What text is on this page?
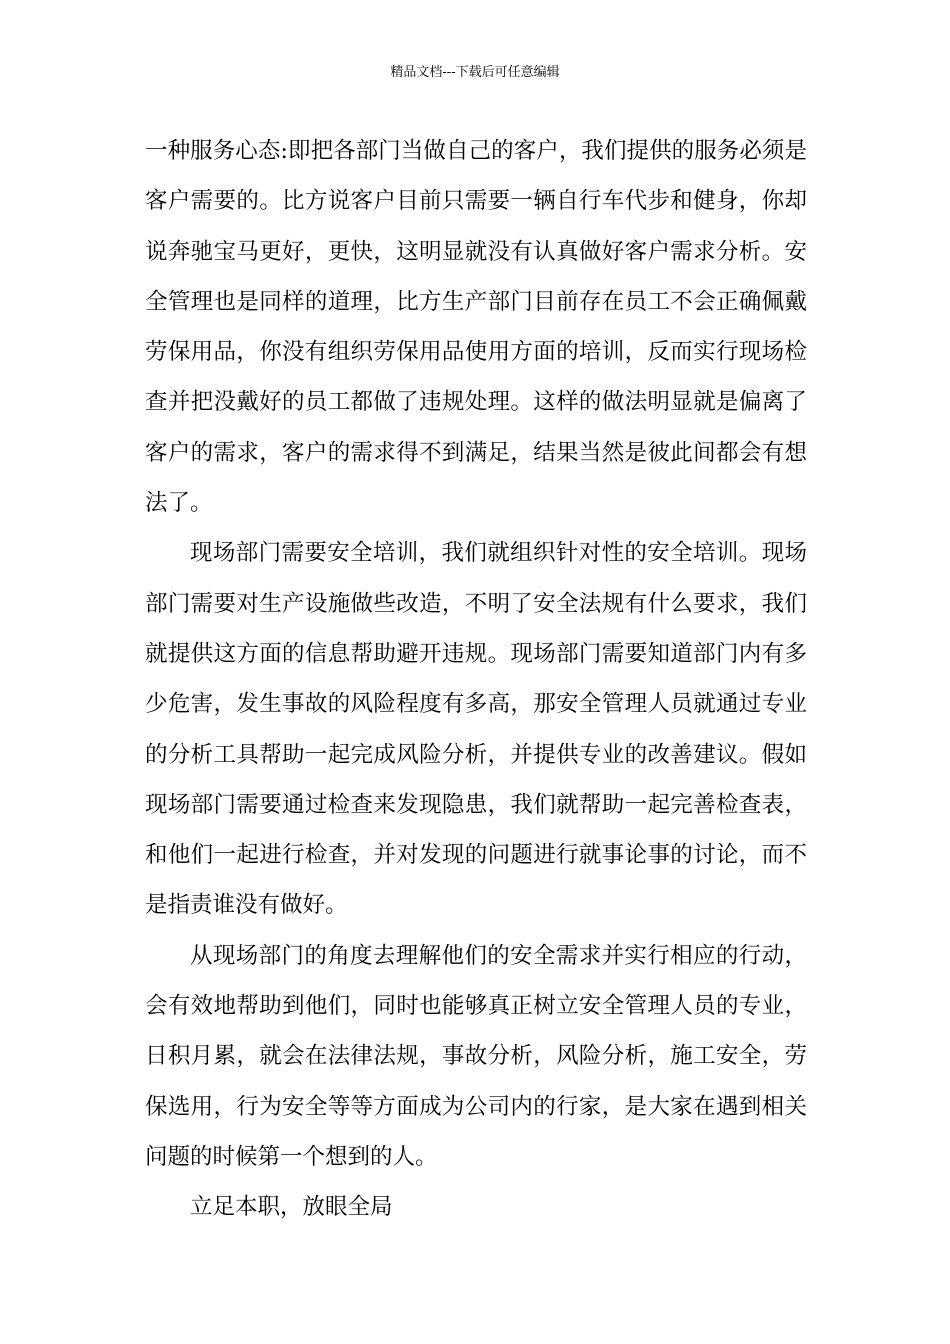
精品文档---下载后可任意编辑

一种服务心态:即把各部门当做自己的客户，我们提供的服务必须是客户需要的。比方说客户目前只需要一辆自行车代步和健身，你却说奔驰宝马更好，更快，这明显就没有认真做好客户需求分析。安全管理也是同样的道理，比方生产部门目前存在员工不会正确佩戴劳保用品，你没有组织劳保用品使用方面的培训，反而实行现场检查并把没戴好的员工都做了违规处理。这样的做法明显就是偏离了客户的需求，客户的需求得不到满足，结果当然是彼此间都会有想法了。

现场部门需要安全培训，我们就组织针对性的安全培训。现场部门需要对生产设施做些改造，不明了安全法规有什么要求，我们就提供这方面的信息帮助避开违规。现场部门需要知道部门内有多少危害，发生事故的风险程度有多高，那安全管理人员就通过专业的分析工具帮助一起完成风险分析，并提供专业的改善建议。假如现场部门需要通过检查来发现隐患，我们就帮助一起完善检查表，和他们一起进行检查，并对发现的问题进行就事论事的讨论，而不是指责谁没有做好。

从现场部门的角度去理解他们的安全需求并实行相应的行动，会有效地帮助到他们，同时也能够真正树立安全管理人员的专业，日积月累，就会在法律法规，事故分析，风险分析，施工安全，劳保选用，行为安全等等方面成为公司内的行家，是大家在遇到相关问题的时候第一个想到的人。

立足本职，放眼全局
